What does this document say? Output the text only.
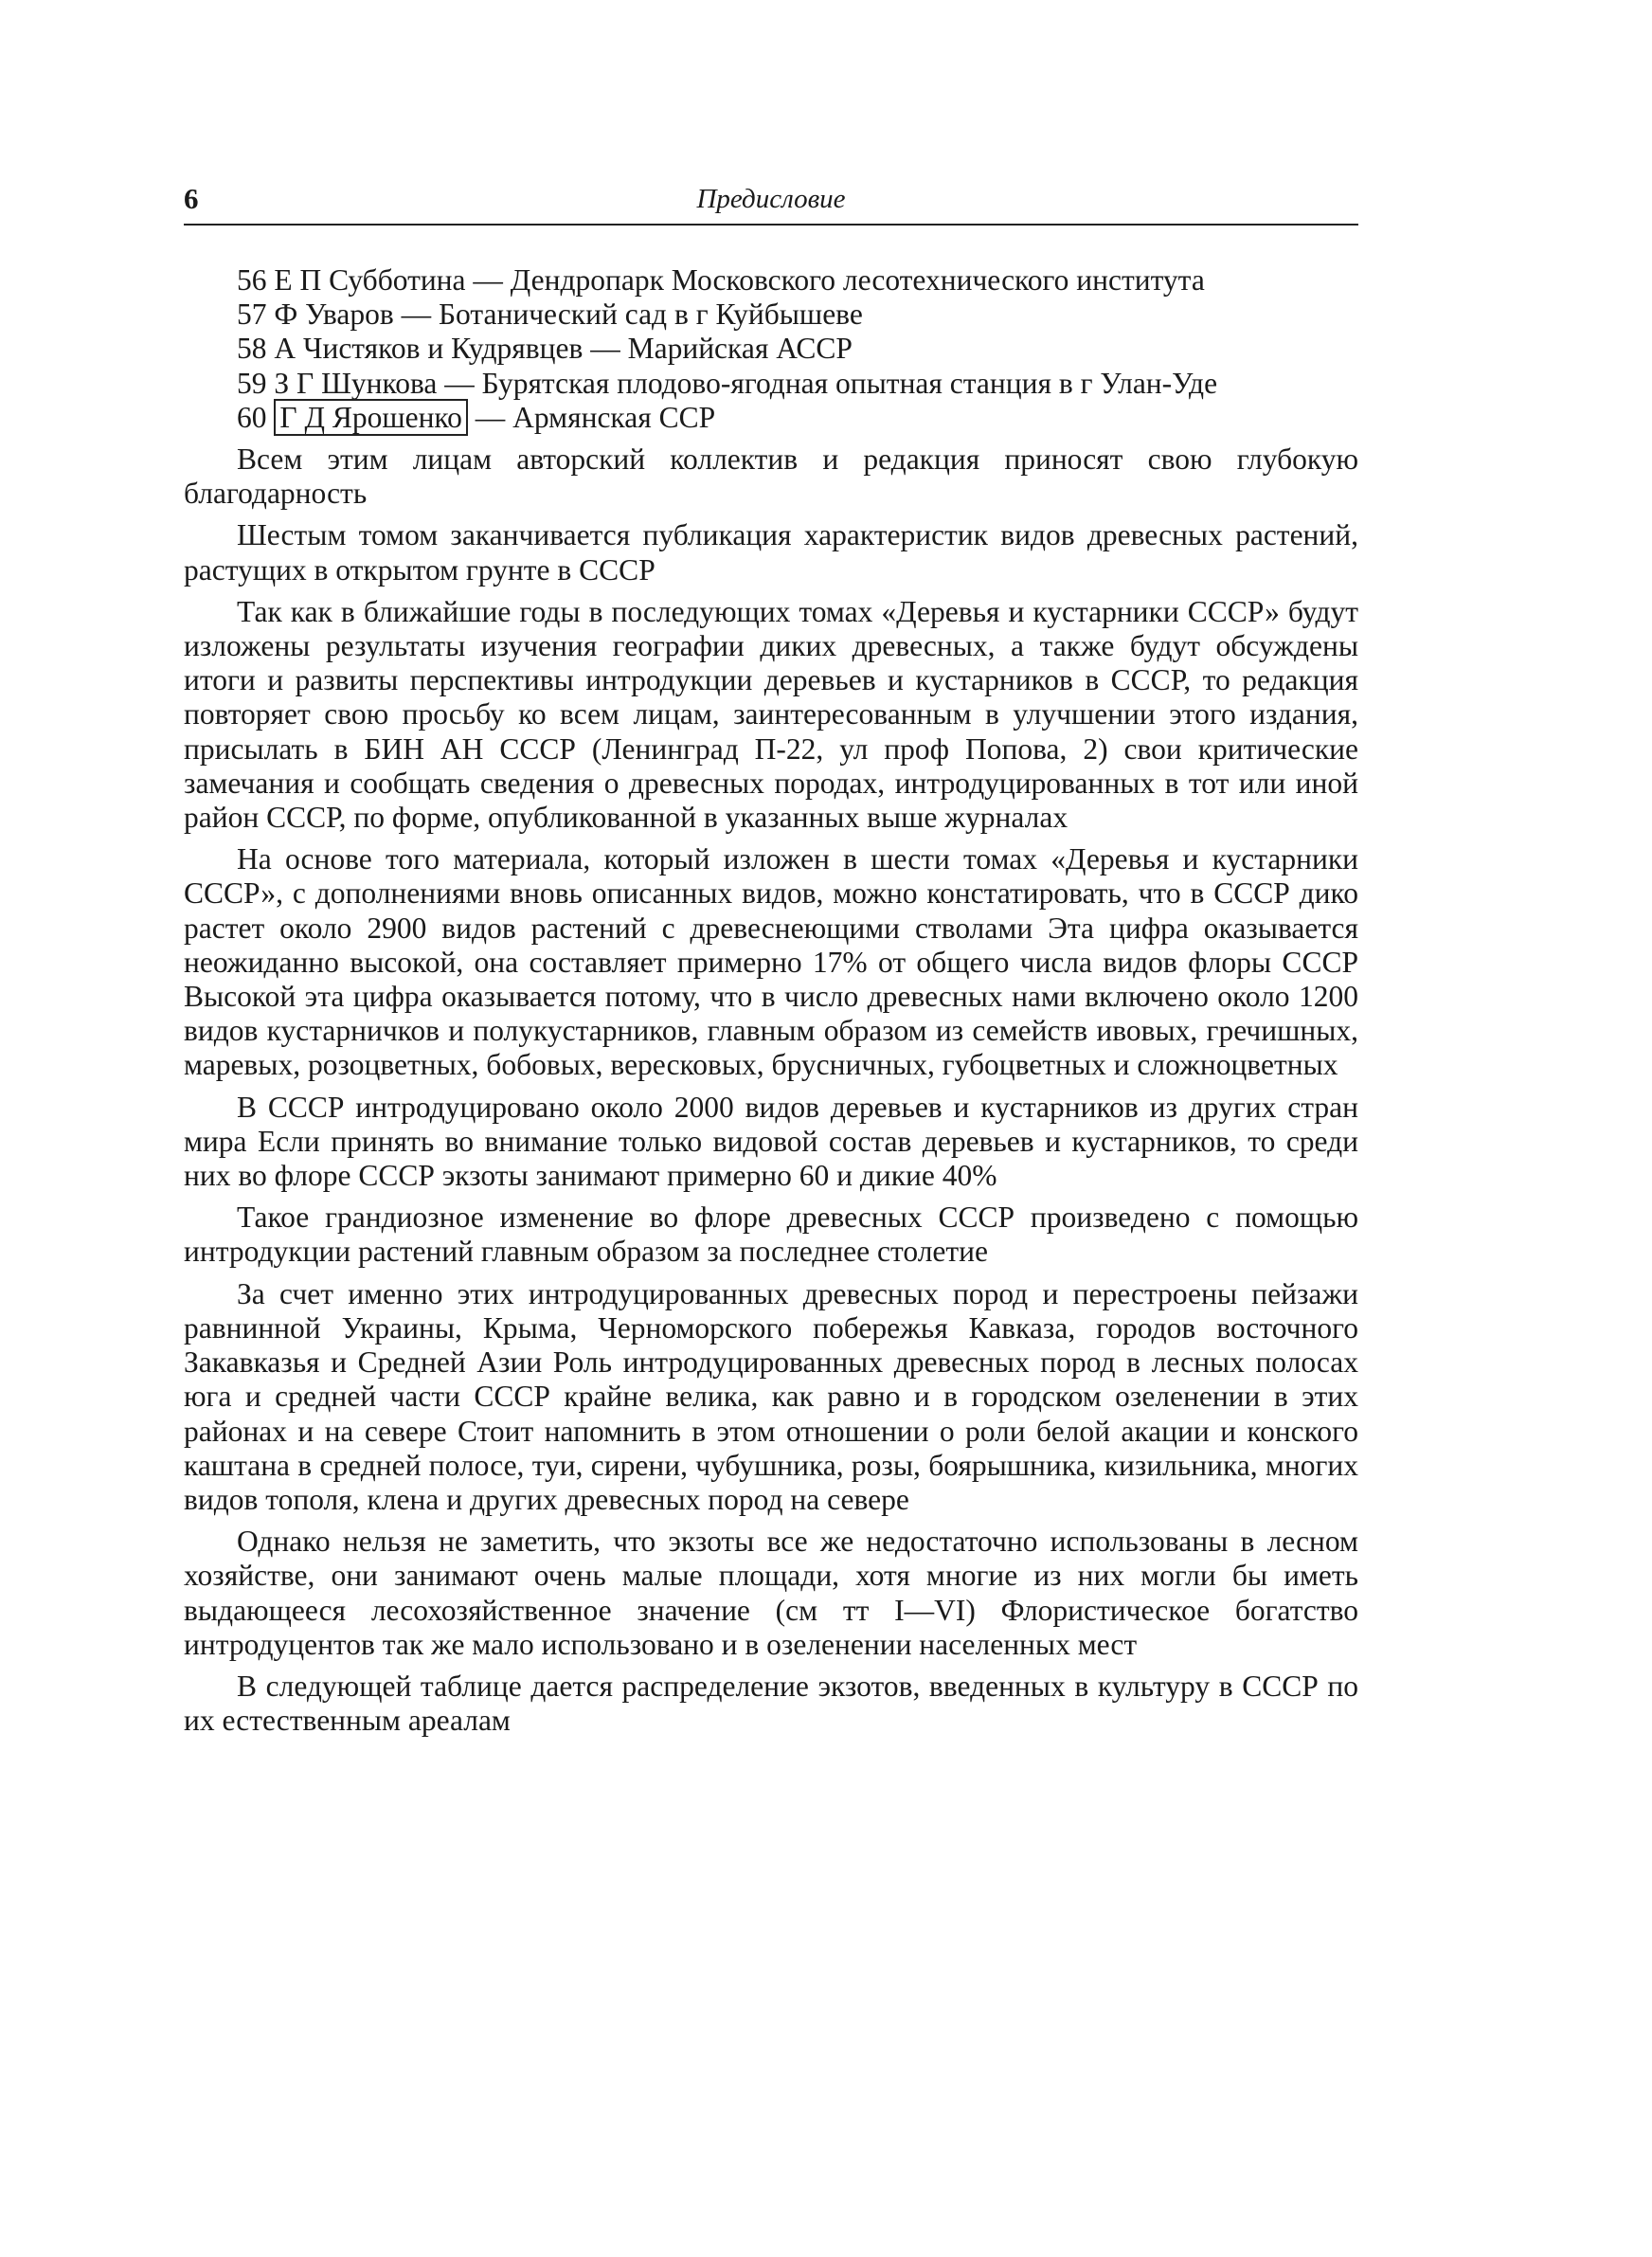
6	Предисловие

56 Е П Субботина — Дендропарк Московского лесотехнического института

57 Ф Уваров — Ботанический сад в г Куйбышеве

58 А Чистяков и Кудрявцев — Марийская АССР

59 З Г Шункова — Бурятская плодово-ягодная опытная станция в г Улан-Уде

60 Г Д Ярошенко — Армянская ССР

Всем этим лицам авторский коллектив и редакция приносят свою глубокую благодарность

Шестым томом заканчивается публикация характеристик видов древесных растений, растущих в открытом грунте в СССР

Так как в ближайшие годы в последующих томах «Деревья и кустарники СССР» будут изложены результаты изучения географии диких древесных, а также будут обсуждены итоги и развиты перспективы интродукции деревьев и кустарников в СССР, то редакция повторяет свою просьбу ко всем лицам, заинтересованным в улучшении этого издания, присылать в БИН АН СССР (Ленинград П-22, ул проф Попова, 2) свои критические замечания и сообщать сведения о древесных породах, интродуцированных в тот или иной район СССР, по форме, опубликованной в указанных выше журналах

На основе того материала, который изложен в шести томах «Деревья и кустарники СССР», с дополнениями вновь описанных видов, можно констатировать, что в СССР дико растет около 2900 видов растений с древеснеющими стволами Эта цифра оказывается неожиданно высокой, она составляет примерно 17% от общего числа видов флоры СССР Высокой эта цифра оказывается потому, что в число древесных нами включено около 1200 видов кустарничков и полукустарников, главным образом из семейств ивовых, гречишных, маревых, розоцветных, бобовых, вересковых, брусничных, губоцветных и сложноцветных

В СССР интродуцировано около 2000 видов деревьев и кустарников из других стран мира Если принять во внимание только видовой состав деревьев и кустарников, то среди них во флоре СССР экзоты занимают примерно 60 и дикие 40%

Такое грандиозное изменение во флоре древесных СССР произведено с помощью интродукции растений главным образом за последнее столетие

За счет именно этих интродуцированных древесных пород и перестроены пейзажи равнинной Украины, Крыма, Черноморского побережья Кавказа, городов восточного Закавказья и Средней Азии Роль интродуцированных древесных пород в лесных полосах юга и средней части СССР крайне велика, как равно и в городском озеленении в этих районах и на севере Стоит напомнить в этом отношении о роли белой акации и конского каштана в средней полосе, туи, сирени, чубушника, розы, боярышника, кизильника, многих видов тополя, клена и других древесных пород на севере

Однако нельзя не заметить, что экзоты все же недостаточно использованы в лесном хозяйстве, они занимают очень малые площади, хотя многие из них могли бы иметь выдающееся лесохозяйственное значение (см тт I—VI) Флористическое богатство интродуцентов так же мало использовано и в озеленении населенных мест

В следующей таблице дается распределение экзотов, введенных в культуру в СССР по их естественным ареалам
